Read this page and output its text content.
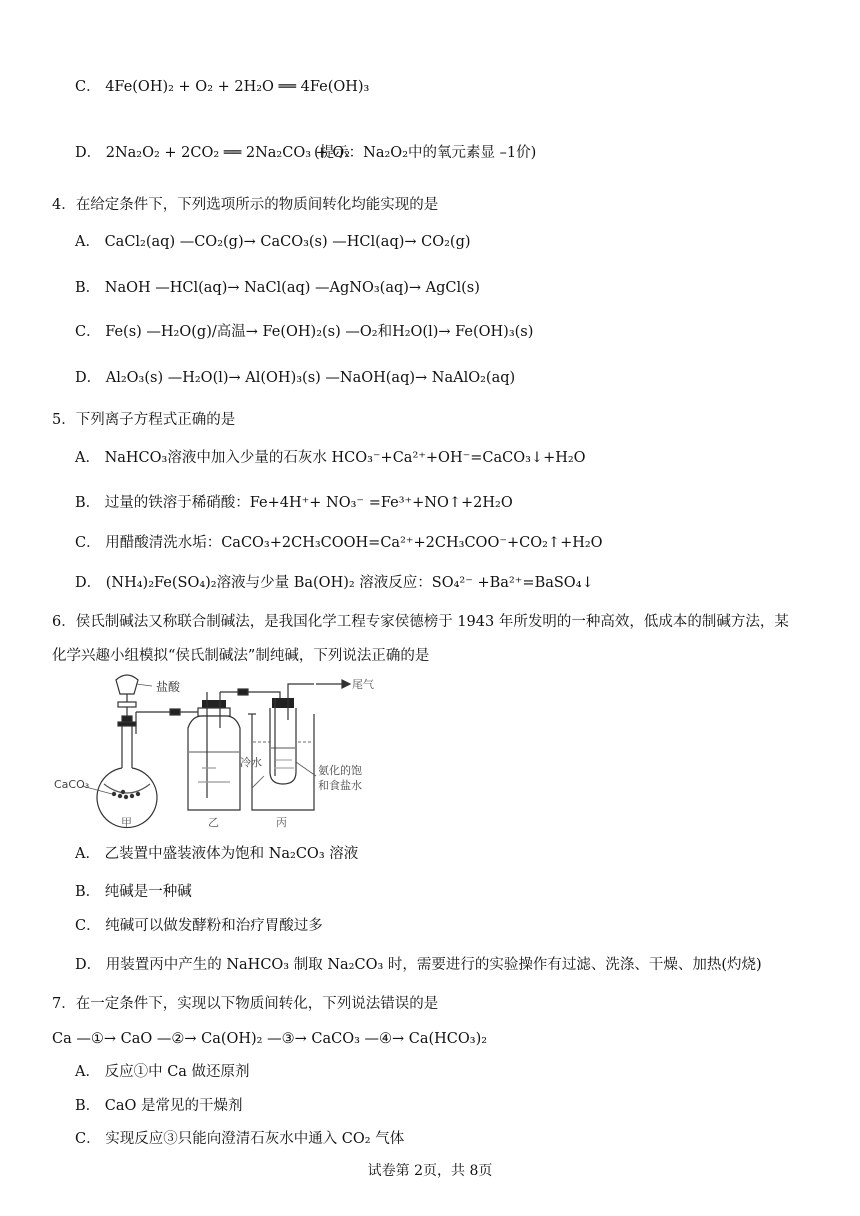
C． 4Fe(OH)₂ + O₂ + 2H₂O ══ 4Fe(OH)₃
D． 2Na₂O₂ + 2CO₂ ══ 2Na₂CO₃ + O₂
(提示：Na₂O₂中的氧元素显 –1价)
4．在给定条件下，下列选项所示的物质间转化均能实现的是
A． CaCl₂(aq) —CO₂(g)→ CaCO₃(s) —HCl(aq)→ CO₂(g)
B． NaOH —HCl(aq)→ NaCl(aq) —AgNO₃(aq)→ AgCl(s)
C． Fe(s) —H₂O(g)/高温→ Fe(OH)₂(s) —O₂和H₂O(l)→ Fe(OH)₃(s)
D． Al₂O₃(s) —H₂O(l)→ Al(OH)₃(s) —NaOH(aq)→ NaAlO₂(aq)
5．下列离子方程式正确的是
A． NaHCO₃溶液中加入少量的石灰水 HCO₃⁻+Ca²⁺+OH⁻=CaCO₃↓+H₂O
B． 过量的铁溶于稀硝酸：Fe+4H⁺+ NO₃⁻ =Fe³⁺+NO↑+2H₂O
C． 用醋酸清洗水垢：CaCO₃+2CH₃COOH=Ca²⁺+2CH₃COO⁻+CO₂↑+H₂O
D． (NH₄)₂Fe(SO₄)₂溶液与少量 Ba(OH)₂ 溶液反应：SO₄²⁻ +Ba²⁺=BaSO₄↓
6．侯氏制碱法又称联合制碱法，是我国化学工程专家侯德榜于 1943 年所发明的一种高效，低成本的制碱方法，某
化学兴趣小组模拟“侯氏制碱法”制纯碱，下列说法正确的是
盐酸	尾气
CaCO₃
冷水
氨化的饱
和食盐水
甲	乙	丙
A． 乙装置中盛装液体为饱和 Na₂CO₃ 溶液
B． 纯碱是一种碱
C． 纯碱可以做发酵粉和治疗胃酸过多
D． 用装置丙中产生的 NaHCO₃ 制取 Na₂CO₃ 时，需要进行的实验操作有过滤、洗涤、干燥、加热(灼烧)
7．在一定条件下，实现以下物质间转化，下列说法错误的是
Ca —①→ CaO —②→ Ca(OH)₂ —③→ CaCO₃ —④→ Ca(HCO₃)₂
A． 反应①中 Ca 做还原剂
B． CaO 是常见的干燥剂
C． 实现反应③只能向澄清石灰水中通入 CO₂ 气体
试卷第 2页，共 8页
